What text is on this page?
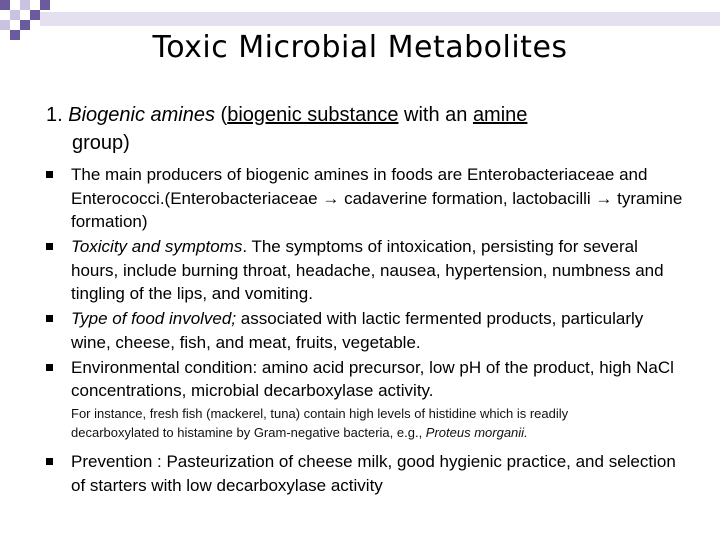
Toxic Microbial Metabolites
1. Biogenic amines (biogenic substance with an amine
group)
The main producers of biogenic amines in foods are Enterobacteriaceae and Enterococci.(Enterobacteriaceae → cadaverine formation, lactobacilli → tyramine formation)
Toxicity and symptoms. The symptoms of intoxication, persisting for several hours, include burning throat, headache, nausea, hypertension, numbness and tingling of the lips, and vomiting.
Type of food involved; associated with lactic fermented products, particularly wine, cheese, fish, and meat, fruits, vegetable.
Environmental condition: amino acid precursor, low pH of the product, high NaCl concentrations, microbial decarboxylase activity.
For instance, fresh fish (mackerel, tuna) contain high levels of histidine which is readily decarboxylated to histamine by Gram-negative bacteria, e.g., Proteus morganii.
Prevention : Pasteurization of cheese milk, good hygienic practice, and selection of starters with low decarboxylase activity
